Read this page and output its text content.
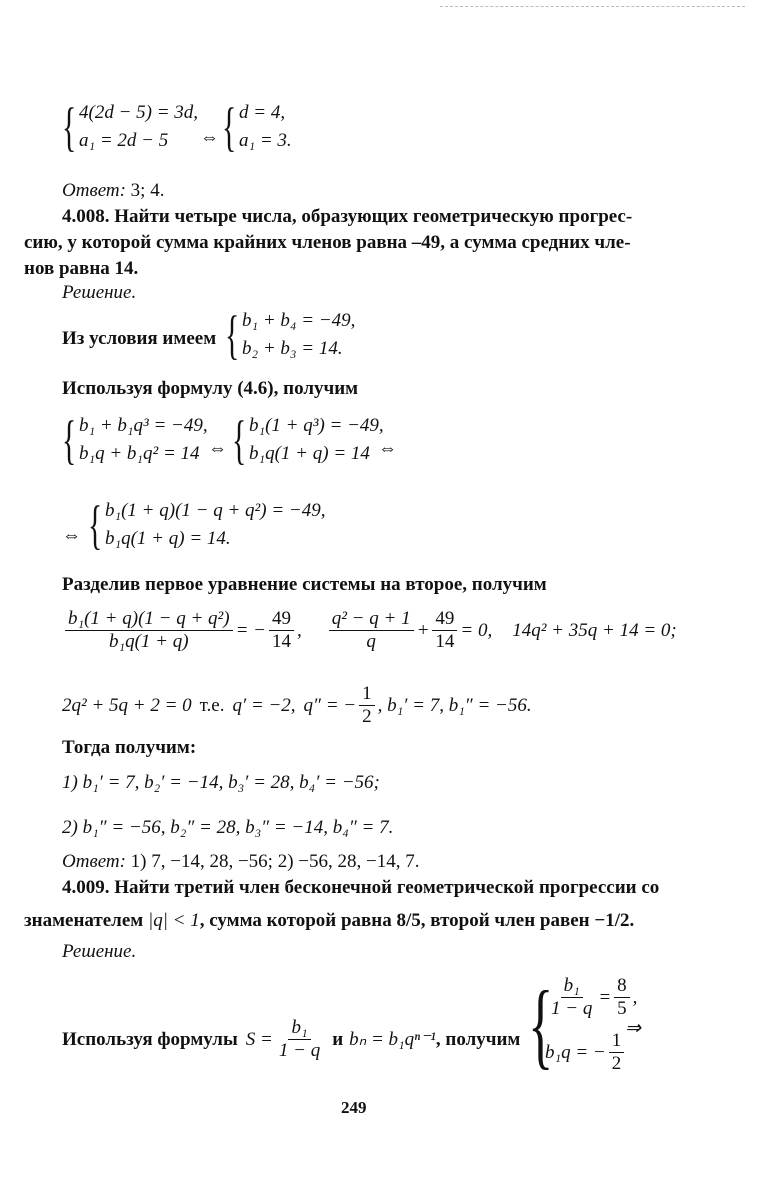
{ 4(2d − 5) = 3d,
a₁ = 2d − 5	⇔ { d = 4,
a₁ = 3.
Ответ: 3; 4.
4.008. Найти четыре числа, образующих геометрическую прогрес-
сию, у которой сумма крайних членов равна –49, а сумма средних чле-
нов равна 14.
Решение.
Из условия имеем { b₁ + b₄ = −49,
b₂ + b₃ = 14.
Используя формулу (4.6), получим
{ b₁ + b₁q³ = −49,
b₁q + b₁q² = 14 ⇔ { b₁(1 + q³) = −49,
b₁q(1 + q) = 14 ⇔
⇔ { b₁(1 + q)(1 − q + q²) = −49,
b₁q(1 + q) = 14.
Разделив первое уравнение системы на второе, получим
$\frac{\text{b₁(1 + q)(1 − q + q²)}}{\text{b₁q(1 + q)}}$ = − $\frac{49}{14}$ , $\frac{\text{q² − q + 1}}{q} + \frac{49}{14} = 0$, 14q² + 35q + 14 = 0;
2q² + 5q + 2 = 0 т.е. q′ = −2, q″ = − $\frac{1}{2}$ , b₁′ = 7, b₁″ = −56.
Тогда получим:
1) b₁′ = 7, b₂′ = −14, b₃′ = 28, b₄′ = −56;
2) b₁″ = −56, b₂″ = 28, b₃″ = −14, b₄″ = 7.
Ответ: 1) 7, −14, 28, −56; 2) −56, 28, −14, 7.
4.009. Найти третий член бесконечной геометрической прогрессии со
знаменателем |q| < 1, сумма которой равна 8/5, второй член равен −1/2.
Решение.
Используя формулы $S = \frac{\text{b₁}}{1 - q}$ и bₙ = b₁qⁿ⁻¹ , получим {
$\frac{\text{b₁}}{1 - q} = \frac{8}{5}$ ,
b₁q = − $\frac{1}{2}$
⇒
249
